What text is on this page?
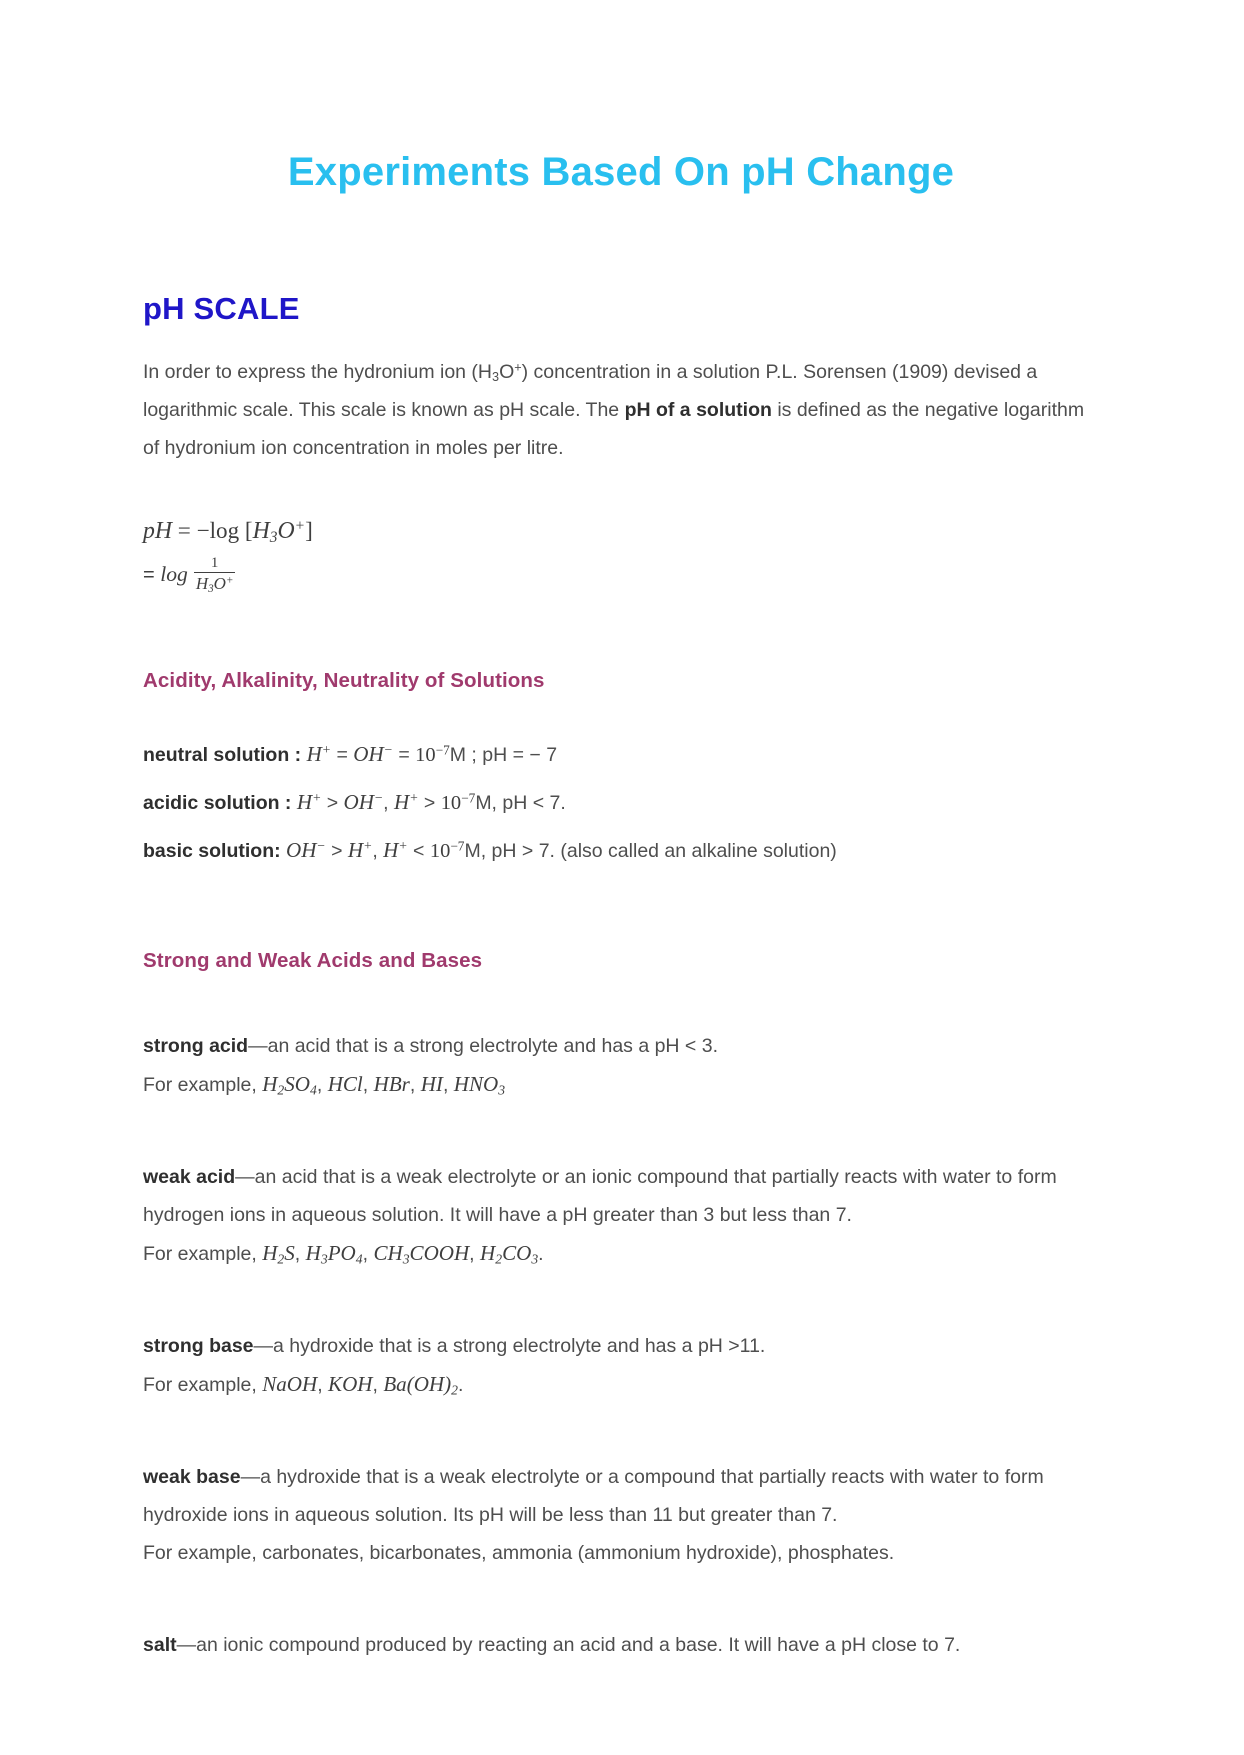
Experiments Based On pH Change
pH SCALE

In order to express the hydronium ion $(H_3O^+)$ concentration in a solution P.L. Sorensen (1909) devised a logarithmic scale. This scale is known as pH scale. The pH of a solution is defined as the negative logarithm of hydronium ion concentration in moles per litre.

pH = −log $[H_3O^+]$
= $\log \frac{1}{H_3O^+}$
Acidity, Alkalinity, Neutrality of Solutions
neutral solution : $H^+ = OH^- = 10^{-7}M$ ; pH = − 7
acidic solution : H+ > OH−, $H^+ > 10^{-7}M$, pH < 7.
basic solution: OH− > H+, $H^+ < 10^{-7}M$, pH > 7. (also called an alkaline solution)
Strong and Weak Acids and Bases
strong acid—an acid that is a strong electrolyte and has a pH < 3.
For example, $H_2SO_4$, HCl, HBr, HI, $HNO_3$
weak acid—an acid that is a weak electrolyte or an ionic compound that partially reacts with water to form hydrogen ions in aqueous solution. It will have a pH greater than 3 but less than 7.
For example, $H_2S$, $H_3PO_4$, $CH_3COOH$, $H_2CO_3$.
strong base—a hydroxide that is a strong electrolyte and has a pH >11.
For example, NaOH, KOH, $Ba(OH)_2$.
weak base—a hydroxide that is a weak electrolyte or a compound that partially reacts with water to form hydroxide ions in aqueous solution. Its pH will be less than 11 but greater than 7.
For example, carbonates, bicarbonates, ammonia (ammonium hydroxide), phosphates.
salt—an ionic compound produced by reacting an acid and a base. It will have a pH close to 7.
